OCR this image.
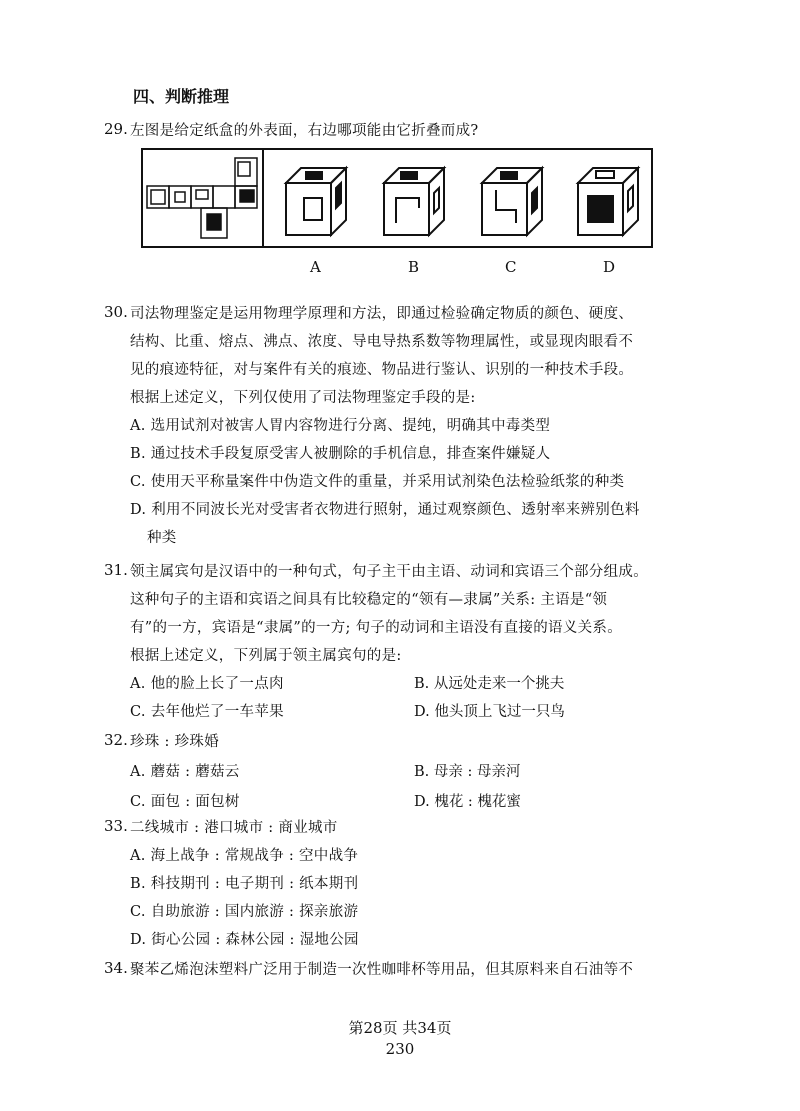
四、判断推理
29. 左图是给定纸盒的外表面，右边哪项能由它折叠而成?
A	B	C	D
30. 司法物理鉴定是运用物理学原理和方法，即通过检验确定物质的颜色、硬度、
结构、比重、熔点、沸点、浓度、导电导热系数等物理属性，或显现肉眼看不
见的痕迹特征，对与案件有关的痕迹、物品进行鉴认、识别的一种技术手段。
根据上述定义，下列仅使用了司法物理鉴定手段的是:
A. 选用试剂对被害人胃内容物进行分离、提纯，明确其中毒类型
B. 通过技术手段复原受害人被删除的手机信息，排查案件嫌疑人
C. 使用天平称量案件中伪造文件的重量，并采用试剂染色法检验纸浆的种类
D. 利用不同波长光对受害者衣物进行照射，通过观察颜色、透射率来辨别色料
种类
31. 领主属宾句是汉语中的一种句式，句子主干由主语、动词和宾语三个部分组成。
这种句子的主语和宾语之间具有比较稳定的“领有—隶属”关系: 主语是“领
有”的一方，宾语是“隶属”的一方; 句子的动词和主语没有直接的语义关系。
根据上述定义，下列属于领主属宾句的是:
A. 他的脸上长了一点肉	B. 从远处走来一个挑夫
C. 去年他烂了一车苹果	D. 他头顶上飞过一只鸟
32. 珍珠 : 珍珠婚
A. 蘑菇 : 蘑菇云	B. 母亲 : 母亲河
C. 面包 : 面包树	D. 槐花 : 槐花蜜
33. 二线城市 : 港口城市 : 商业城市
A. 海上战争 : 常规战争 : 空中战争
B. 科技期刊 : 电子期刊 : 纸本期刊
C. 自助旅游 : 国内旅游 : 探亲旅游
D. 街心公园 : 森林公园 : 湿地公园
34. 聚苯乙烯泡沫塑料广泛用于制造一次性咖啡杯等用品，但其原料来自石油等不
第28页 共34页
230
